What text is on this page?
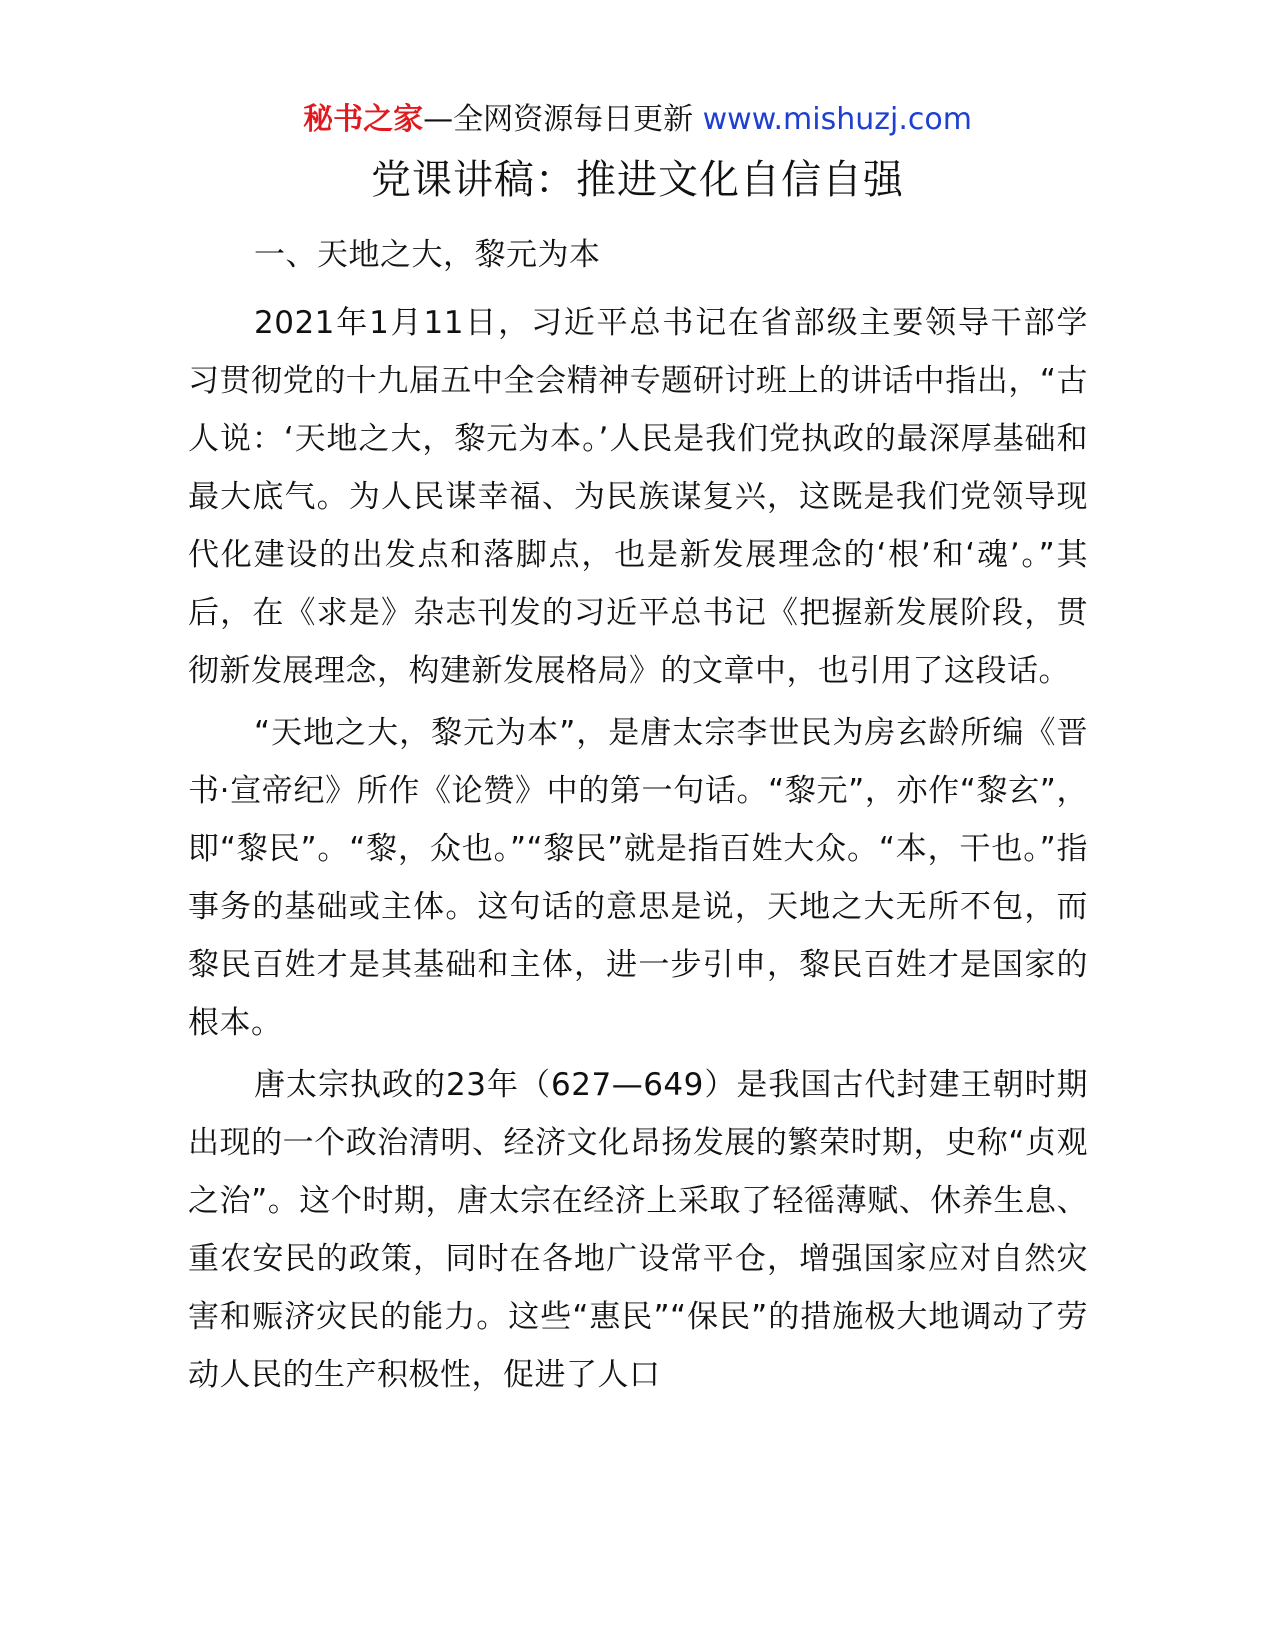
秘书之家—全网资源每日更新 www.mishuzj.com
党课讲稿：推进文化自信自强

一、天地之大，黎元为本

2021年1月11日，习近平总书记在省部级主要领导干部学习贯彻党的十九届五中全会精神专题研讨班上的讲话中指出，“古人说：‘天地之大，黎元为本。’人民是我们党执政的最深厚基础和最大底气。为人民谋幸福、为民族谋复兴，这既是我们党领导现代化建设的出发点和落脚点，也是新发展理念的‘根’和‘魂’。”其后，在《求是》杂志刊发的习近平总书记《把握新发展阶段，贯彻新发展理念，构建新发展格局》的文章中，也引用了这段话。

“天地之大，黎元为本”，是唐太宗李世民为房玄龄所编《晋书·宣帝纪》所作《论赞》中的第一句话。“黎元”，亦作“黎玄”，即“黎民”。“黎，众也。”“黎民”就是指百姓大众。“本，干也。”指事务的基础或主体。这句话的意思是说，天地之大无所不包，而黎民百姓才是其基础和主体，进一步引申，黎民百姓才是国家的根本。

唐太宗执政的23年（627—649）是我国古代封建王朝时期出现的一个政治清明、经济文化昂扬发展的繁荣时期，史称“贞观之治”。这个时期，唐太宗在经济上采取了轻徭薄赋、休养生息、重农安民的政策，同时在各地广设常平仓，增强国家应对自然灾害和赈济灾民的能力。这些“惠民”“保民”的措施极大地调动了劳动人民的生产积极性，促进了人口
